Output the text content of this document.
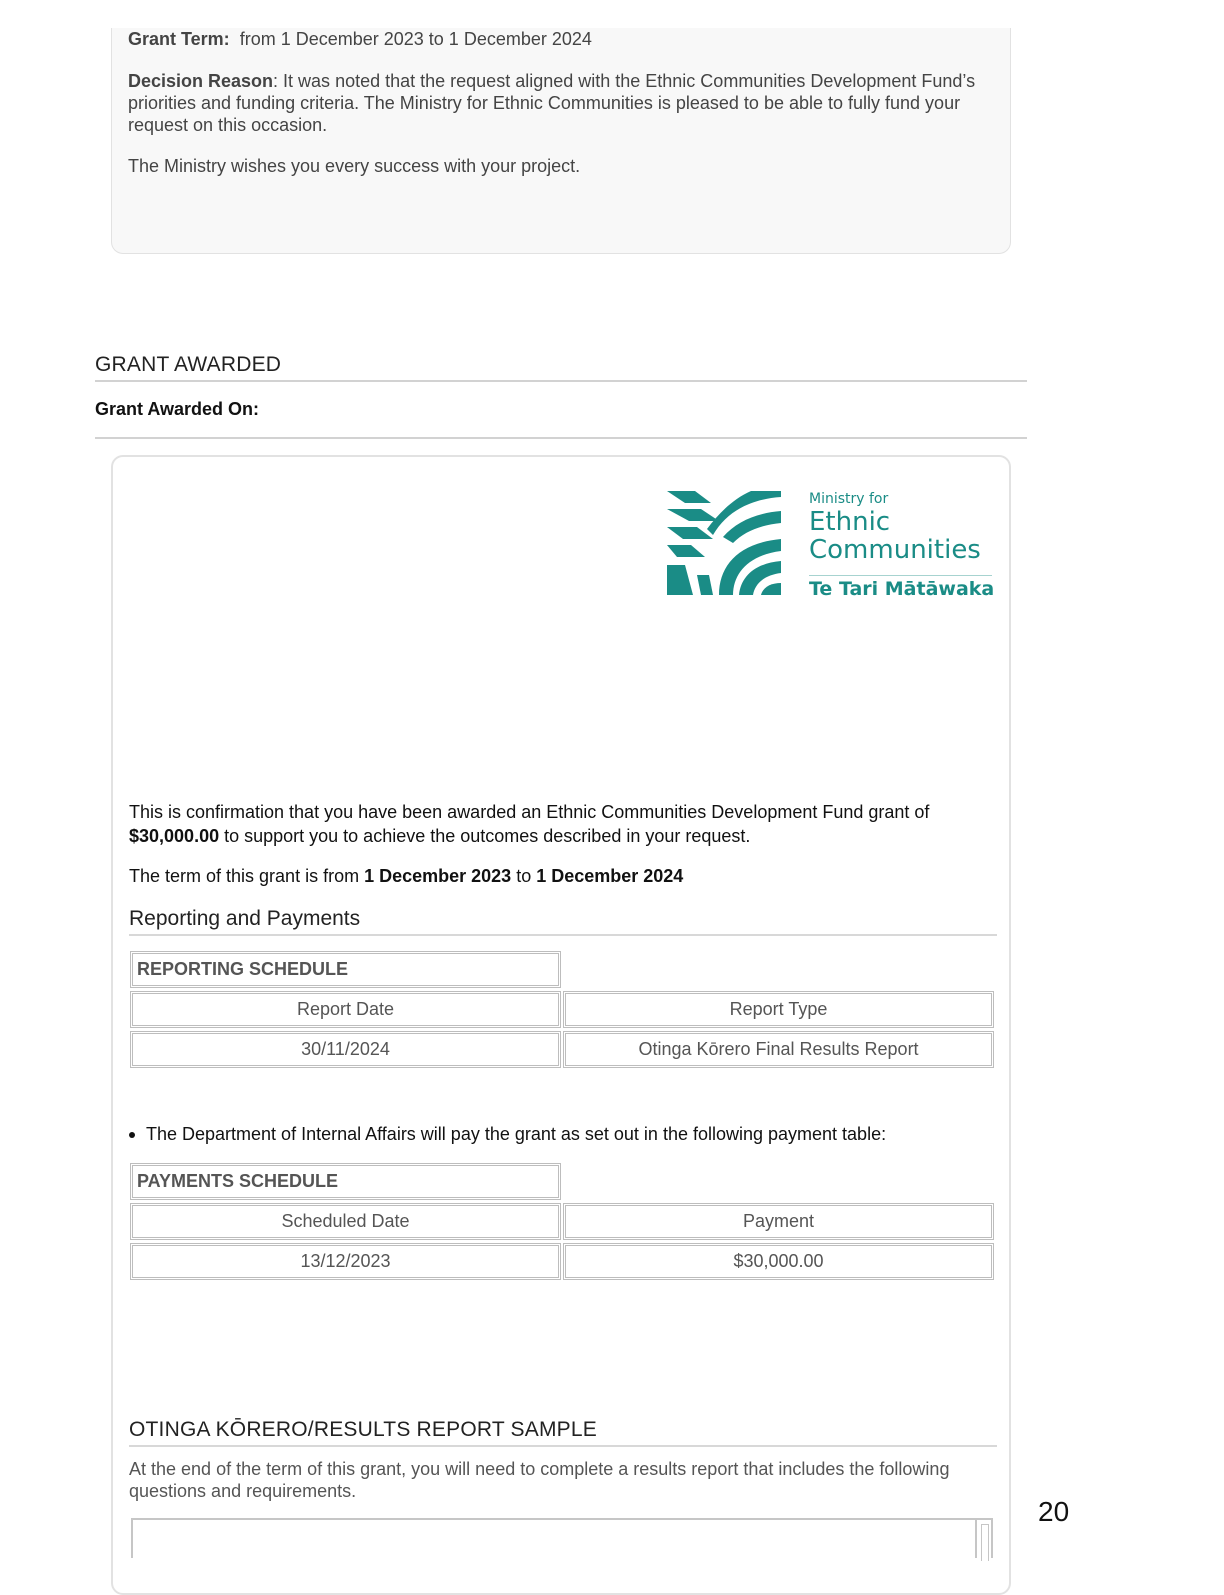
Grant Term: from 1 December 2023 to 1 December 2024
Decision Reason: It was noted that the request aligned with the Ethnic Communities Development Fund’s priorities and funding criteria. The Ministry for Ethnic Communities is pleased to be able to fully fund your request on this occasion.
The Ministry wishes you every success with your project.
GRANT AWARDED
Grant Awarded On:
Ministry for
Ethnic
Communities
Te Tari Mātāwaka
This is confirmation that you have been awarded an Ethnic Communities Development Fund grant of $30,000.00 to support you to achieve the outcomes described in your request.
The term of this grant is from 1 December 2023 to 1 December 2024
Reporting and Payments
REPORTING SCHEDULE
Report Date	Report Type
30/11/2024	Otinga Kōrero Final Results Report
The Department of Internal Affairs will pay the grant as set out in the following payment table:
PAYMENTS SCHEDULE
Scheduled Date	Payment
13/12/2023	$30,000.00
OTINGA KŌRERO/RESULTS REPORT SAMPLE
At the end of the term of this grant, you will need to complete a results report that includes the following questions and requirements.
20
